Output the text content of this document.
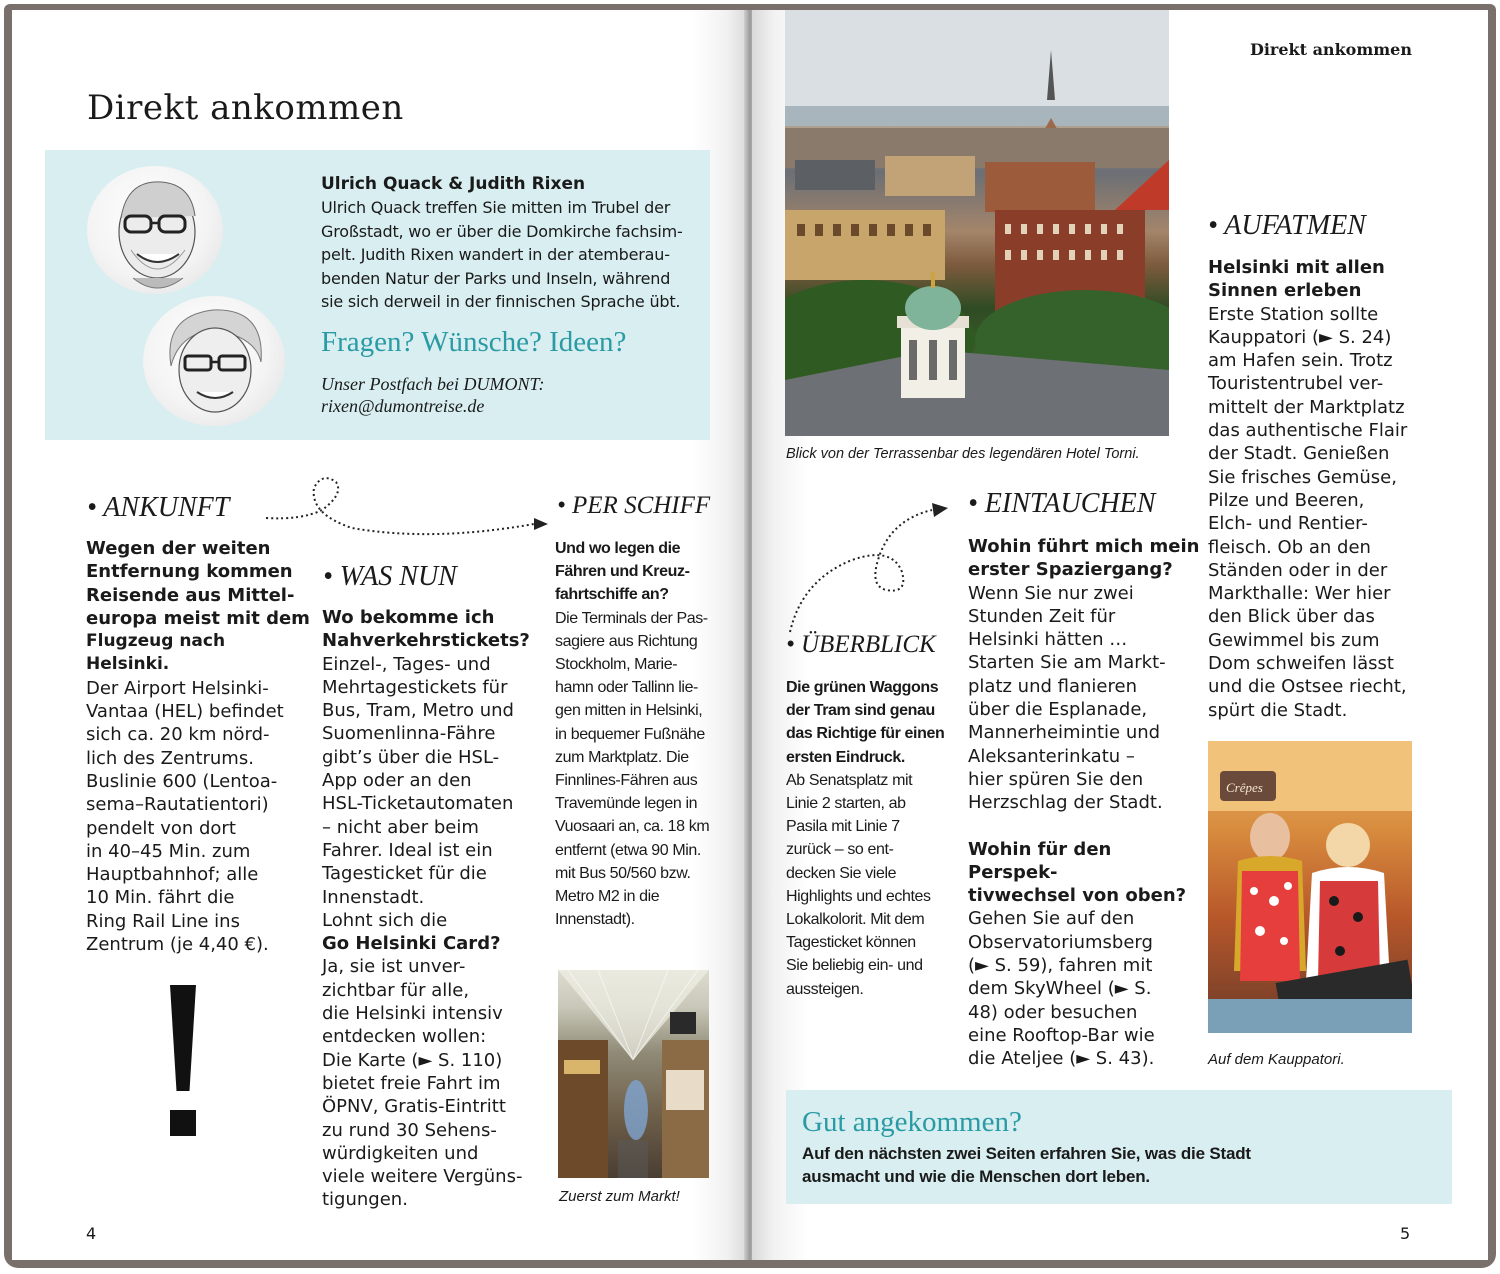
Direkt ankommen
Ulrich Quack & Judith Rixen
Ulrich Quack treffen Sie mitten im Trubel der
Großstadt, wo er über die Domkirche fachsim-
pelt. Judith Rixen wandert in der atemberau-
benden Natur der Parks und Inseln, während
sie sich derweil in der finnischen Sprache übt.
Fragen? Wünsche? Ideen?
Unser Postfach bei DUMONT:
rixen@dumontreise.de
• ANKUNFT

Wegen der weiten

Entfernung kommen

Reisende aus Mittel-

europa meist mit dem

Flugzeug nach Helsinki.

Der Airport Helsinki-

Vantaa (HEL) befindet

sich ca. 20 km nörd-

lich des Zentrums.

Buslinie 600 (Lentoa-

sema–Rautatientori)

pendelt von dort

in 40–45 Min. zum

Hauptbahnhof; alle

10 Min. fährt die

Ring Rail Line ins

Zentrum (je 4,40 €).

• WAS NUN

Wo bekomme ich

Nahverkehrstickets?

Einzel-, Tages- und

Mehrtagestickets für

Bus, Tram, Metro und

Suomenlinna-Fähre

gibt’s über die HSL-

App oder an den

HSL-Ticketautomaten

– nicht aber beim

Fahrer. Ideal ist ein

Tagesticket für die

Innenstadt.

Lohnt sich die

Go Helsinki Card?

Ja, sie ist unver-

zichtbar für alle,

die Helsinki intensiv

entdecken wollen:

Die Karte (► S. 110)

bietet freie Fahrt im

ÖPNV, Gratis-Eintritt

zu rund 30 Sehens-

würdigkeiten und

viele weitere Vergüns-

tigungen.

• PER SCHIFF

Und wo legen die

Fähren und Kreuz-

fahrtschiffe an?

Die Terminals der Pas-

sagiere aus Richtung

Stockholm, Marie-

hamn oder Tallinn lie-

gen mitten in Helsinki,

in bequemer Fußnähe

zum Marktplatz. Die

Finnlines-Fähren aus

Travemünde legen in

Vuosaari an, ca. 18 km

entfernt (etwa 90 Min.

mit Bus 50/560 bzw.

Metro M2 in die

Innenstadt).

Zuerst zum Markt!
4
Direkt ankommen
Blick von der Terrassenbar des legendären Hotel Torni.
• AUFATMEN

Helsinki mit allen

Sinnen erleben

Erste Station sollte

Kauppatori (► S. 24)

am Hafen sein. Trotz

Touristentrubel ver-

mittelt der Marktplatz

das authentische Flair

der Stadt. Genießen

Sie frisches Gemüse,

Pilze und Beeren,

Elch- und Rentier-

fleisch. Ob an den

Ständen oder in der

Markthalle: Wer hier

den Blick über das

Gewimmel bis zum

Dom schweifen lässt

und die Ostsee riecht,

spürt die Stadt.

• EINTAUCHEN

Wohin führt mich mein

erster Spaziergang?

Wenn Sie nur zwei

Stunden Zeit für

Helsinki hätten …

Starten Sie am Markt-

platz und flanieren

über die Esplanade,

Mannerheimintie und

Aleksanterinkatu –

hier spüren Sie den

Herzschlag der Stadt.

Wohin für den Perspek-

tivwechsel von oben?

Gehen Sie auf den

Observatoriumsberg

(► S. 59), fahren mit

dem SkyWheel (► S.

48) oder besuchen

eine Rooftop-Bar wie

die Ateljee (► S. 43).

• ÜBERBLICK

Die grünen Waggons

der Tram sind genau

das Richtige für einen

ersten Eindruck.

Ab Senatsplatz mit

Linie 2 starten, ab

Pasila mit Linie 7

zurück – so ent-

decken Sie viele

Highlights und echtes

Lokalkolorit. Mit dem

Tagesticket können

Sie beliebig ein- und

aussteigen.

Crêpes
Auf dem Kauppatori.
Gut angekommen?
Auf den nächsten zwei Seiten erfahren Sie, was die Stadt
ausmacht und wie die Menschen dort leben.
5
